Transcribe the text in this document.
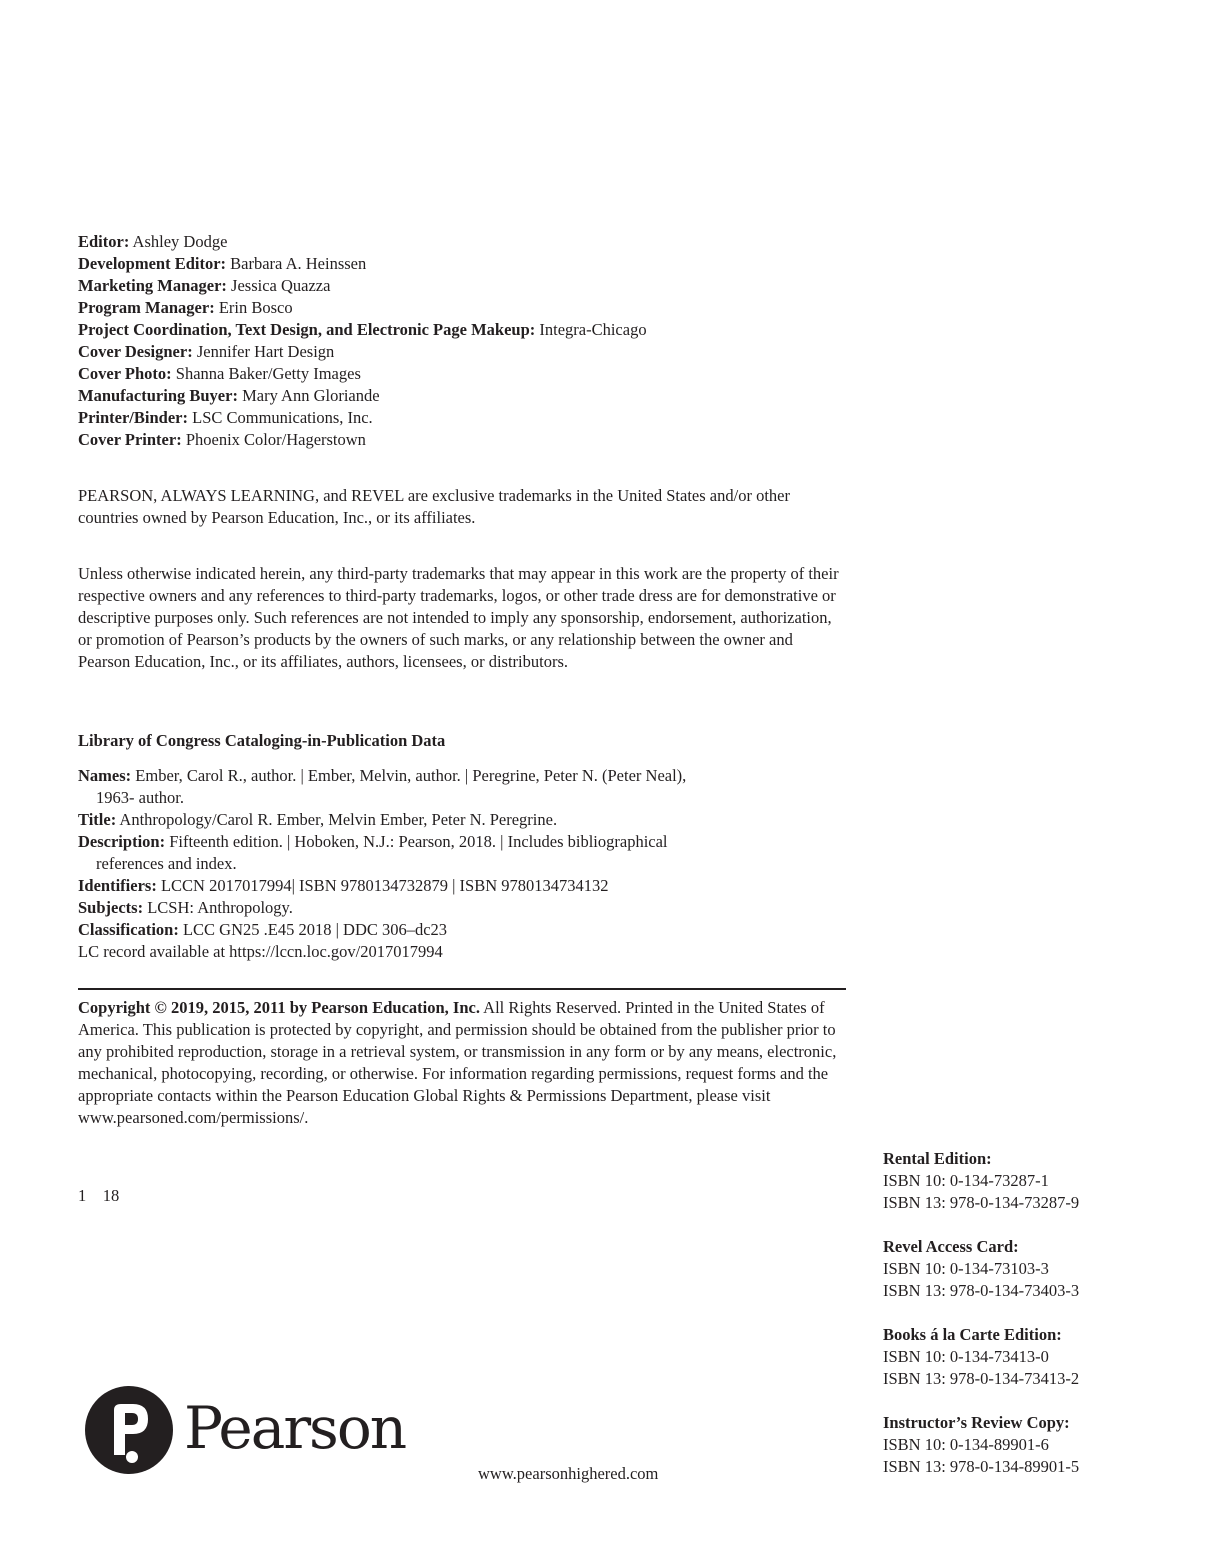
Editor: Ashley Dodge
Development Editor: Barbara A. Heinssen
Marketing Manager: Jessica Quazza
Program Manager: Erin Bosco
Project Coordination, Text Design, and Electronic Page Makeup: Integra-Chicago
Cover Designer: Jennifer Hart Design
Cover Photo: Shanna Baker/Getty Images
Manufacturing Buyer: Mary Ann Gloriande
Printer/Binder: LSC Communications, Inc.
Cover Printer: Phoenix Color/Hagerstown

PEARSON, ALWAYS LEARNING, and REVEL are exclusive trademarks in the United States and/or other countries owned by Pearson Education, Inc., or its affiliates.

Unless otherwise indicated herein, any third-party trademarks that may appear in this work are the property of their respective owners and any references to third-party trademarks, logos, or other trade dress are for demonstrative or descriptive purposes only. Such references are not intended to imply any sponsorship, endorsement, authorization, or promotion of Pearson’s products by the owners of such marks, or any relationship between the owner and Pearson Education, Inc., or its affiliates, authors, licensees, or distributors.

Library of Congress Cataloging-in-Publication Data
Names: Ember, Carol R., author. | Ember, Melvin, author. | Peregrine, Peter N. (Peter Neal), 1963- author.
Title: Anthropology/Carol R. Ember, Melvin Ember, Peter N. Peregrine.
Description: Fifteenth edition. | Hoboken, N.J.: Pearson, 2018. | Includes bibliographical references and index.
Identifiers: LCCN 2017017994| ISBN 9780134732879 | ISBN 9780134734132
Subjects: LCSH: Anthropology.
Classification: LCC GN25 .E45 2018 | DDC 306–dc23
LC record available at https://lccn.loc.gov/2017017994

Copyright © 2019, 2015, 2011 by Pearson Education, Inc. All Rights Reserved. Printed in the United States of America. This publication is protected by copyright, and permission should be obtained from the publisher prior to any prohibited reproduction, storage in a retrieval system, or transmission in any form or by any means, electronic, mechanical, photocopying, recording, or otherwise. For information regarding permissions, request forms and the appropriate contacts within the Pearson Education Global Rights & Permissions Department, please visit www.pearsoned.com/permissions/.

1    18
Rental Edition:
ISBN 10: 0-134-73287-1
ISBN 13: 978-0-134-73287-9
Revel Access Card:
ISBN 10: 0-134-73103-3
ISBN 13: 978-0-134-73403-3
Books á la Carte Edition:
ISBN 10: 0-134-73413-0
ISBN 13: 978-0-134-73413-2
Instructor’s Review Copy:
ISBN 10: 0-134-89901-6
ISBN 13: 978-0-134-89901-5
Pearson
www.pearsonhighered.com
